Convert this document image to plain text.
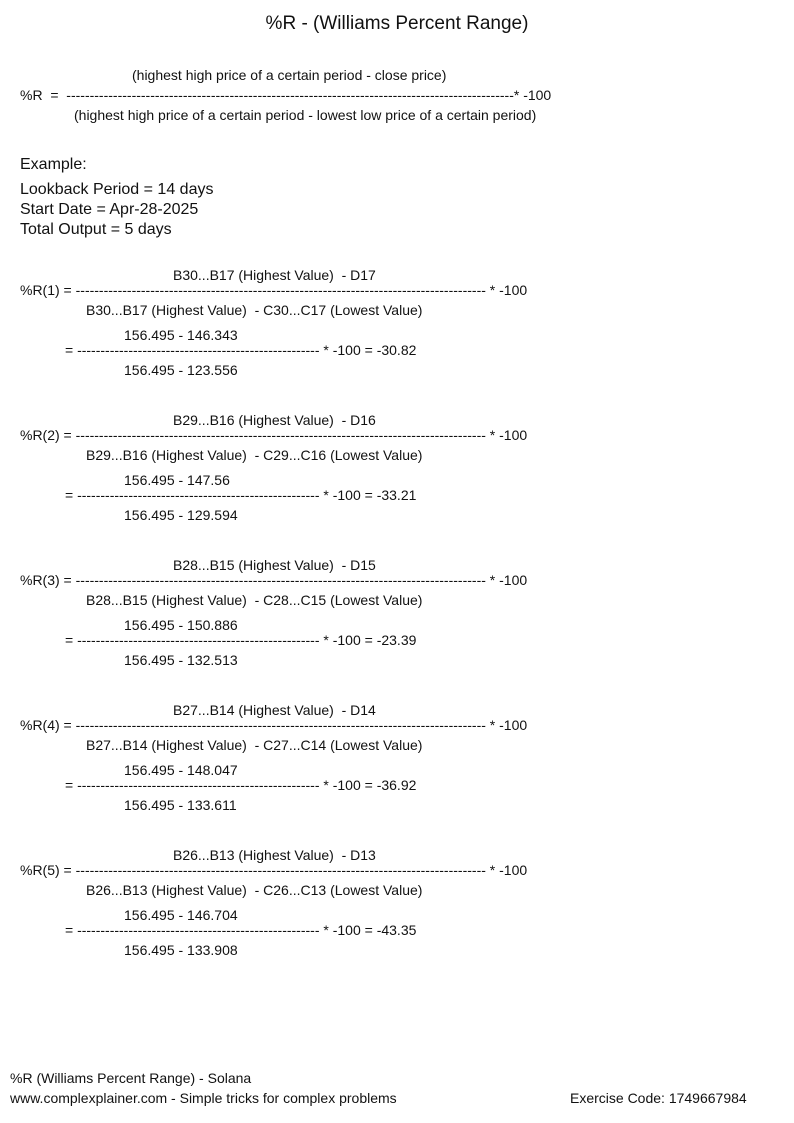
%R - (Williams Percent Range)
(highest high price of a certain period - close price)
%R  =  ------------------------------------------------------------------------------------------------* -100
(highest high price of a certain period - lowest low price of a certain period)
Example:
Lookback Period = 14 days
Start Date = Apr-28-2025
Total Output = 5 days
B30...B17 (Highest Value)  - D17
%R(1) = ---------------------------------------------------------------------------------------- * -100
B30...B17 (Highest Value)  - C30...C17 (Lowest Value)
156.495 - 146.343
= ---------------------------------------------------- * -100 = -30.82
156.495 - 123.556
B29...B16 (Highest Value)  - D16
%R(2) = ---------------------------------------------------------------------------------------- * -100
B29...B16 (Highest Value)  - C29...C16 (Lowest Value)
156.495 - 147.56
= ---------------------------------------------------- * -100 = -33.21
156.495 - 129.594
B28...B15 (Highest Value)  - D15
%R(3) = ---------------------------------------------------------------------------------------- * -100
B28...B15 (Highest Value)  - C28...C15 (Lowest Value)
156.495 - 150.886
= ---------------------------------------------------- * -100 = -23.39
156.495 - 132.513
B27...B14 (Highest Value)  - D14
%R(4) = ---------------------------------------------------------------------------------------- * -100
B27...B14 (Highest Value)  - C27...C14 (Lowest Value)
156.495 - 148.047
= ---------------------------------------------------- * -100 = -36.92
156.495 - 133.611
B26...B13 (Highest Value)  - D13
%R(5) = ---------------------------------------------------------------------------------------- * -100
B26...B13 (Highest Value)  - C26...C13 (Lowest Value)
156.495 - 146.704
= ---------------------------------------------------- * -100 = -43.35
156.495 - 133.908
%R (Williams Percent Range) - Solana
www.complexplainer.com - Simple tricks for complex problems	Exercise Code: 1749667984
